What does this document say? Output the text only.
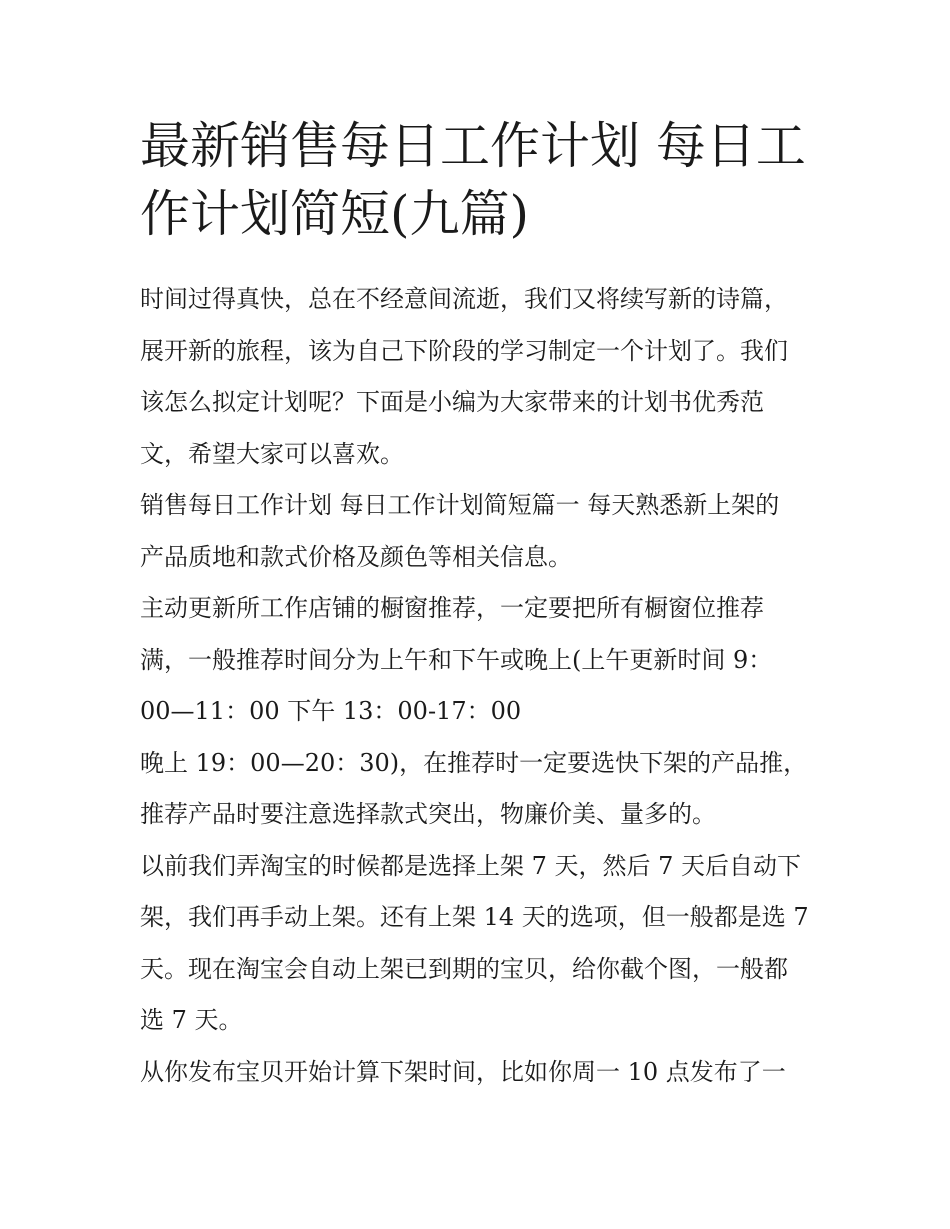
最新销售每日工作计划 每日工
作计划简短(九篇)

时间过得真快，总在不经意间流逝，我们又将续写新的诗篇，
展开新的旅程，该为自己下阶段的学习制定一个计划了。我们
该怎么拟定计划呢？下面是小编为大家带来的计划书优秀范
文，希望大家可以喜欢。

销售每日工作计划 每日工作计划简短篇一 每天熟悉新上架的
产品质地和款式价格及颜色等相关信息。

主动更新所工作店铺的橱窗推荐，一定要把所有橱窗位推荐
满，一般推荐时间分为上午和下午或晚上(上午更新时间 9：
00—11：00 下午 13：00-17：00

晚上 19：00—20：30)，在推荐时一定要选快下架的产品推，
推荐产品时要注意选择款式突出，物廉价美、量多的。

以前我们弄淘宝的时候都是选择上架 7 天，然后 7 天后自动下
架，我们再手动上架。还有上架 14 天的选项，但一般都是选 7
天。现在淘宝会自动上架已到期的宝贝，给你截个图，一般都
选 7 天。

从你发布宝贝开始计算下架时间，比如你周一 10 点发布了一
